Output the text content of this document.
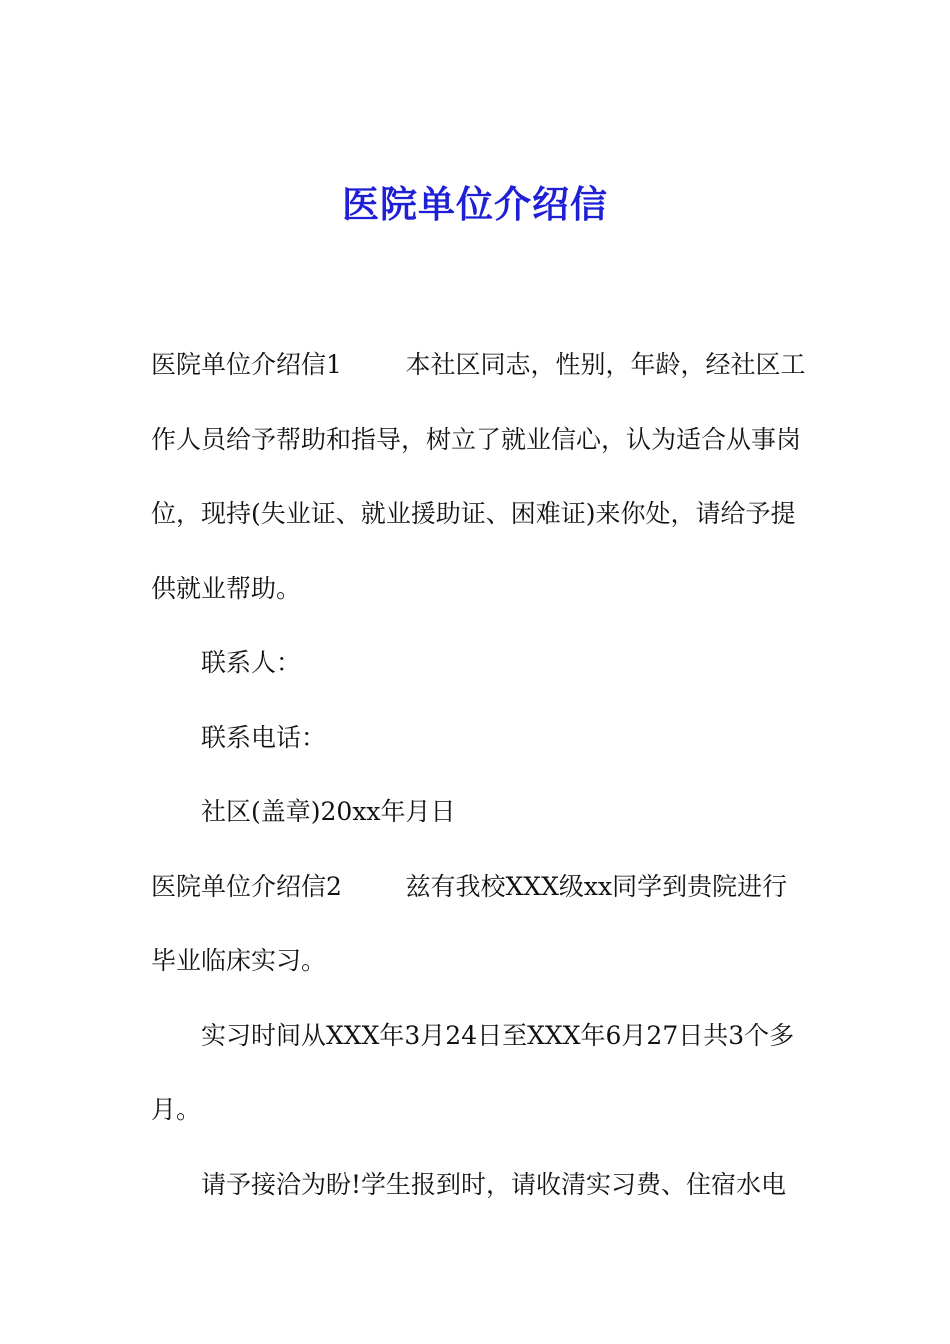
医院单位介绍信

医院单位介绍信1	本社区同志，性别，年龄，经社区工作人员给予帮助和指导，树立了就业信心，认为适合从事岗位，现持(失业证、就业援助证、困难证)来你处，请给予提供就业帮助。

联系人：

联系电话：

社区(盖章)20xx年月日

医院单位介绍信2	兹有我校XXX级xx同学到贵院进行毕业临床实习。

实习时间从XXX年3月24日至XXX年6月27日共3个多月。

请予接洽为盼!学生报到时，请收清实习费、住宿水电
